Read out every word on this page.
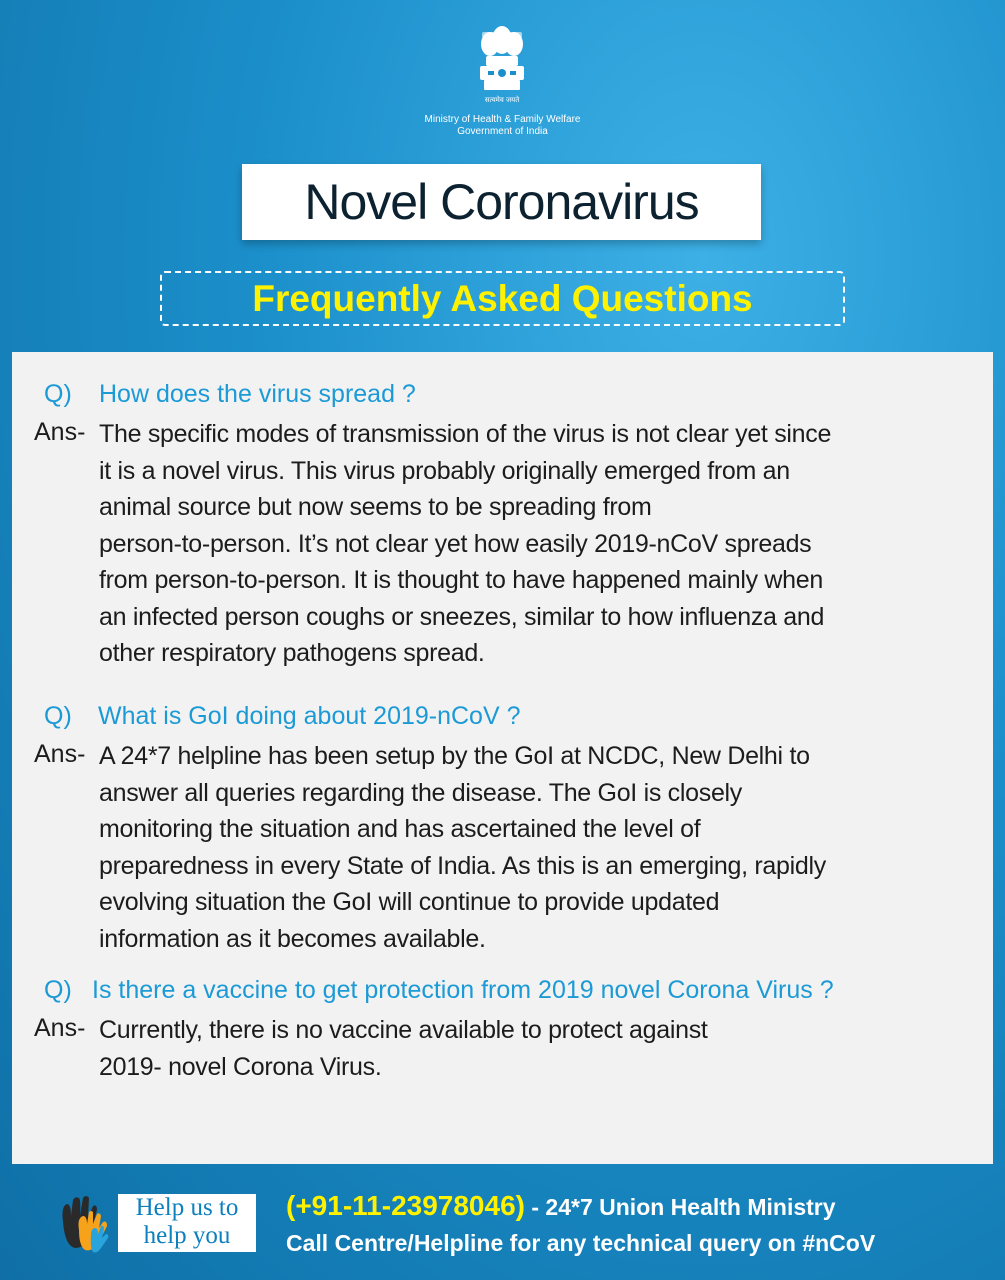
सत्यमेव जयते
Ministry of Health & Family Welfare
Government of India
Novel Coronavirus
Frequently Asked Questions
Q) How does the virus spread ?
Ans- The specific modes of transmission of the virus is not clear yet since
it is a novel virus. This virus probably originally emerged from an
animal source but now seems to be spreading from
person-to-person. It’s not clear yet how easily 2019-nCoV spreads
from person-to-person. It is thought to have happened mainly when
an infected person coughs or sneezes, similar to how influenza and
other respiratory pathogens spread.
Q) What is GoI doing about 2019-nCoV ?
Ans- A 24*7 helpline has been setup by the GoI at NCDC, New Delhi to
answer all queries regarding the disease. The GoI is closely
monitoring the situation and has ascertained the level of
preparedness in every State of India. As this is an emerging, rapidly
evolving situation the GoI will continue to provide updated
information as it becomes available.
Q) Is there a vaccine to get protection from 2019 novel Corona Virus ?
Ans- Currently, there is no vaccine available to protect against
2019- novel Corona Virus.
Help us to
help you
(+91-11-23978046) - 24*7 Union Health Ministry
Call Centre/Helpline for any technical query on #nCoV
